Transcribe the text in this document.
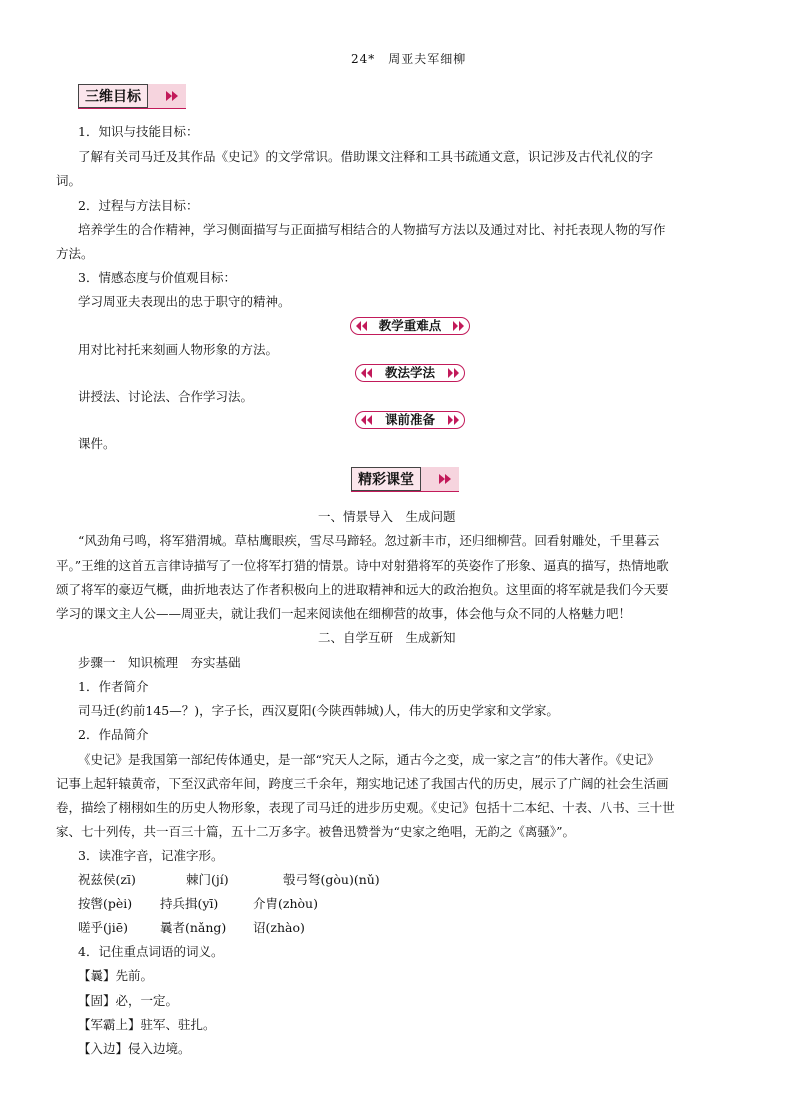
24*　周亚夫军细柳
三维目标
1．知识与技能目标：
了解有关司马迁及其作品《史记》的文学常识。借助课文注释和工具书疏通文意，识记涉及古代礼仪的字
词。
2．过程与方法目标：
培养学生的合作精神，学习侧面描写与正面描写相结合的人物描写方法以及通过对比、衬托表现人物的写作
方法。
3．情感态度与价值观目标：
学习周亚夫表现出的忠于职守的精神。
教学重难点
用对比衬托来刻画人物形象的方法。
教法学法
讲授法、讨论法、合作学习法。
课前准备
课件。
精彩课堂
一、情景导入　生成问题
“风劲角弓鸣，将军猎渭城。草枯鹰眼疾，雪尽马蹄轻。忽过新丰市，还归细柳营。回看射雕处，千里暮云
平。”王维的这首五言律诗描写了一位将军打猎的情景。诗中对射猎将军的英姿作了形象、逼真的描写，热情地歌
颂了将军的豪迈气概，曲折地表达了作者积极向上的进取精神和远大的政治抱负。这里面的将军就是我们今天要
学习的课文主人公——周亚夫，就让我们一起来阅读他在细柳营的故事，体会他与众不同的人格魅力吧！
二、自学互研　生成新知
步骤一　知识梳理　夯实基础
1．作者简介
司马迁(约前145—？)，字子长，西汉夏阳(今陕西韩城)人，伟大的历史学家和文学家。
2．作品简介
《史记》是我国第一部纪传体通史，是一部“究天人之际，通古今之变，成一家之言”的伟大著作。《史记》
记事上起轩辕黄帝，下至汉武帝年间，跨度三千余年，翔实地记述了我国古代的历史，展示了广阔的社会生活画
卷，描绘了栩栩如生的历史人物形象，表现了司马迁的进步历史观。《史记》包括十二本纪、十表、八书、三十世
家、七十列传，共一百三十篇，五十二万多字。被鲁迅赞誉为“史家之绝唱，无韵之《离骚》”。
3．读准字音，记准字形。
祝兹侯(zī)	棘门(jí)	彀弓弩(gòu)(nǔ)
按辔(pèi) 持兵揖(yī)	介胄(zhòu)
嗟乎(jiē)	曩者(nǎng) 诏(zhào)
4．记住重点词语的词义。
【曩】先前。
【固】必，一定。
【军霸上】驻军、驻扎。
【入边】侵入边境。
